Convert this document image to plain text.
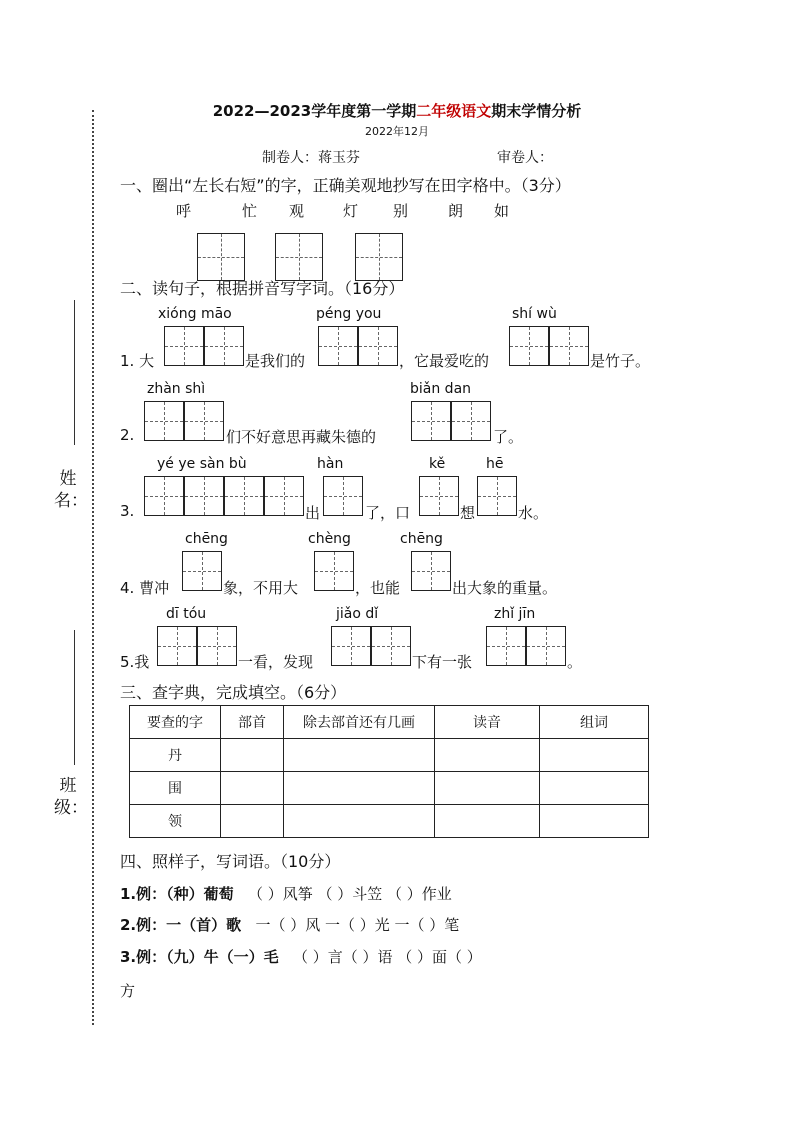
姓名：
班级：
2022—2023学年度第一学期二年级语文期末学情分析
2022年12月
制卷人：蒋玉芬	审卷人：
一、圈出“左长右短”的字，正确美观地抄写在田字格中。（3分）
呼	忙 观	灯 别	朗 如
二、读句子，根据拼音写字词。（16分）
xióng māo	péng you	shí wù
1. 大	是我们的	，它最爱吃的	是竹子。
zhàn shì	biǎn dan
2.	们不好意思再藏朱德的	了。
yé ye sàn bù	hàn	kě	hē
3.	出	了，口	想	水。
chēng	chèng	chēng
4. 曹冲	象，不用大	，也能	出大象的重量。
dī tóu	jiǎo dǐ	zhǐ jīn
5.我	一看，发现	下有一张	。
三、查字典，完成填空。（6分）
要查的字	部首	除去部首还有几画	读音	组词
丹				
围				
领				
四、照样子，写词语。（10分）
1.例：（种）葡萄 （ ）风筝 （ ）斗笠 （ ）作业
2.例：一（首）歌 一（ ）风 一（ ）光 一（ ）笔
3.例：（九）牛（一）毛 （ ）言（ ）语 （ ）面（ ）
方
